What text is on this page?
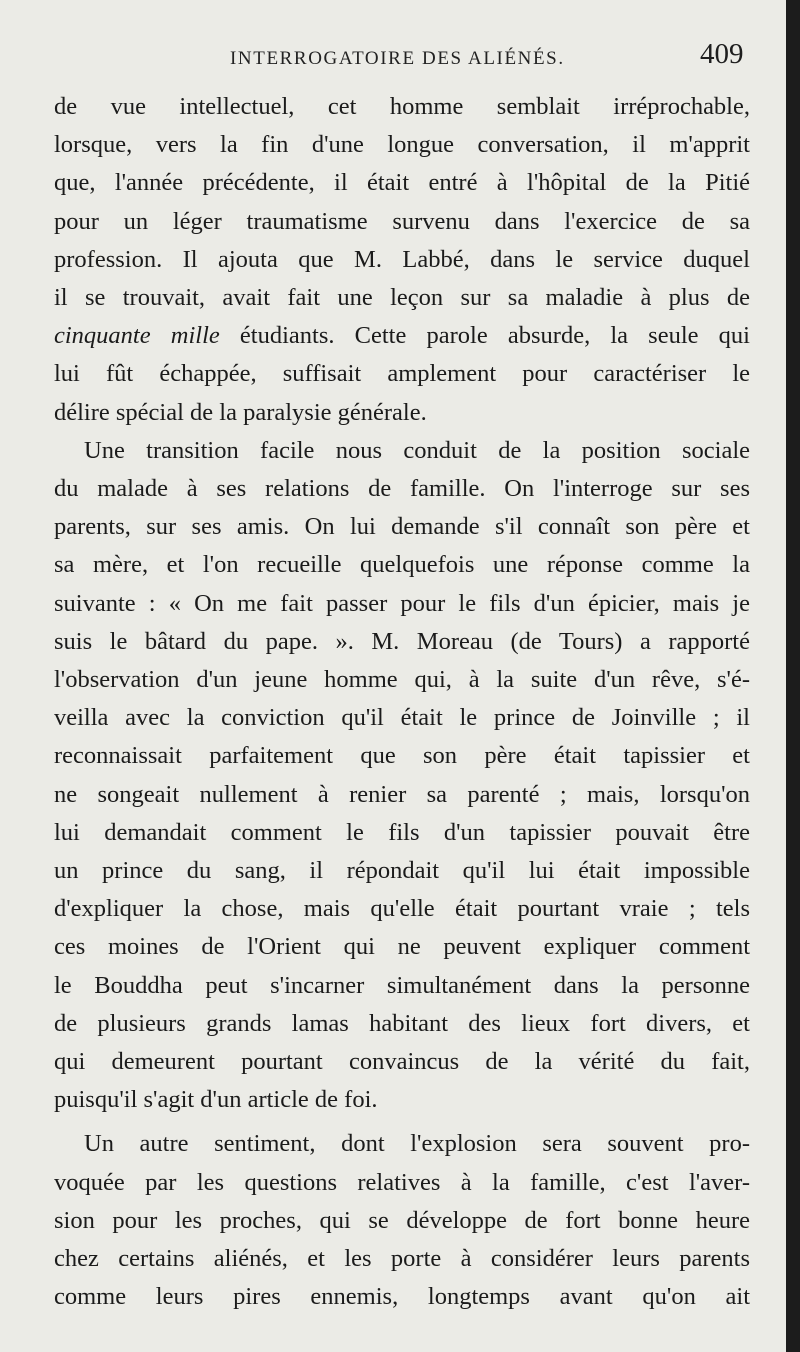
INTERROGATOIRE DES ALIÉNÉS.	409
de vue intellectuel, cet homme semblait irréprochable,
lorsque, vers la fin d'une longue conversation, il m'apprit
que, l'année précédente, il était entré à l'hôpital de la Pitié
pour un léger traumatisme survenu dans l'exercice de sa
profession. Il ajouta que M. Labbé, dans le service duquel
il se trouvait, avait fait une leçon sur sa maladie à plus de
cinquante mille étudiants. Cette parole absurde, la seule qui
lui fût échappée, suffisait amplement pour caractériser le
délire spécial de la paralysie générale.
Une transition facile nous conduit de la position sociale
du malade à ses relations de famille. On l'interroge sur ses
parents, sur ses amis. On lui demande s'il connaît son père et
sa mère, et l'on recueille quelquefois une réponse comme la
suivante : « On me fait passer pour le fils d'un épicier, mais je
suis le bâtard du pape. ». M. Moreau (de Tours) a rapporté
l'observation d'un jeune homme qui, à la suite d'un rêve, s'é-
veilla avec la conviction qu'il était le prince de Joinville ; il
reconnaissait parfaitement que son père était tapissier et
ne songeait nullement à renier sa parenté ; mais, lorsqu'on
lui demandait comment le fils d'un tapissier pouvait être
un prince du sang, il répondait qu'il lui était impossible
d'expliquer la chose, mais qu'elle était pourtant vraie ; tels
ces moines de l'Orient qui ne peuvent expliquer comment
le Bouddha peut s'incarner simultanément dans la personne
de plusieurs grands lamas habitant des lieux fort divers, et
qui demeurent pourtant convaincus de la vérité du fait,
puisqu'il s'agit d'un article de foi.
Un autre sentiment, dont l'explosion sera souvent pro-
voquée par les questions relatives à la famille, c'est l'aver-
sion pour les proches, qui se développe de fort bonne heure
chez certains aliénés, et les porte à considérer leurs parents
comme leurs pires ennemis, longtemps avant qu'on ait
